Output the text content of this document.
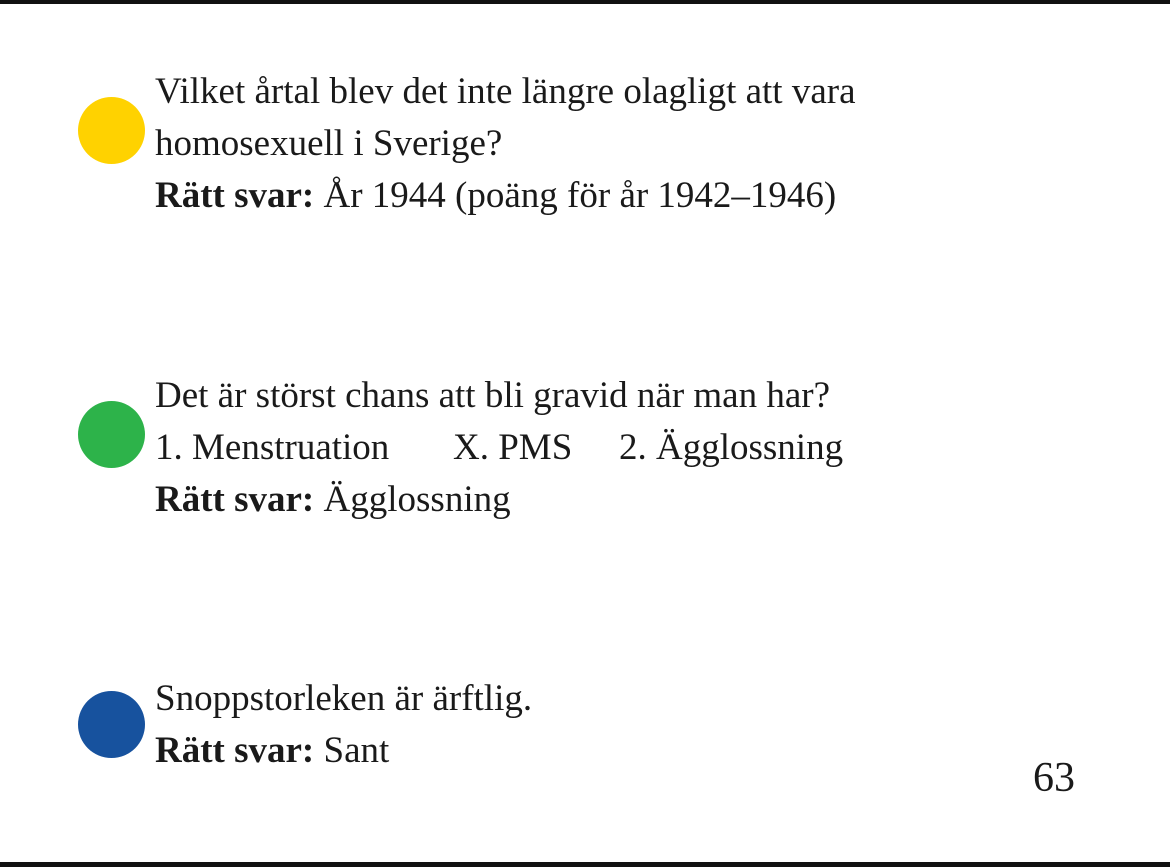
Vilket årtal blev det inte längre olagligt att vara
homosexuell i Sverige?
Rätt svar: År 1944 (poäng för år 1942–1946)
Det är störst chans att bli gravid när man har?
1. Menstruation X. PMS 2. Ägglossning
Rätt svar: Ägglossning
Snoppstorleken är ärftlig.
Rätt svar: Sant
63
